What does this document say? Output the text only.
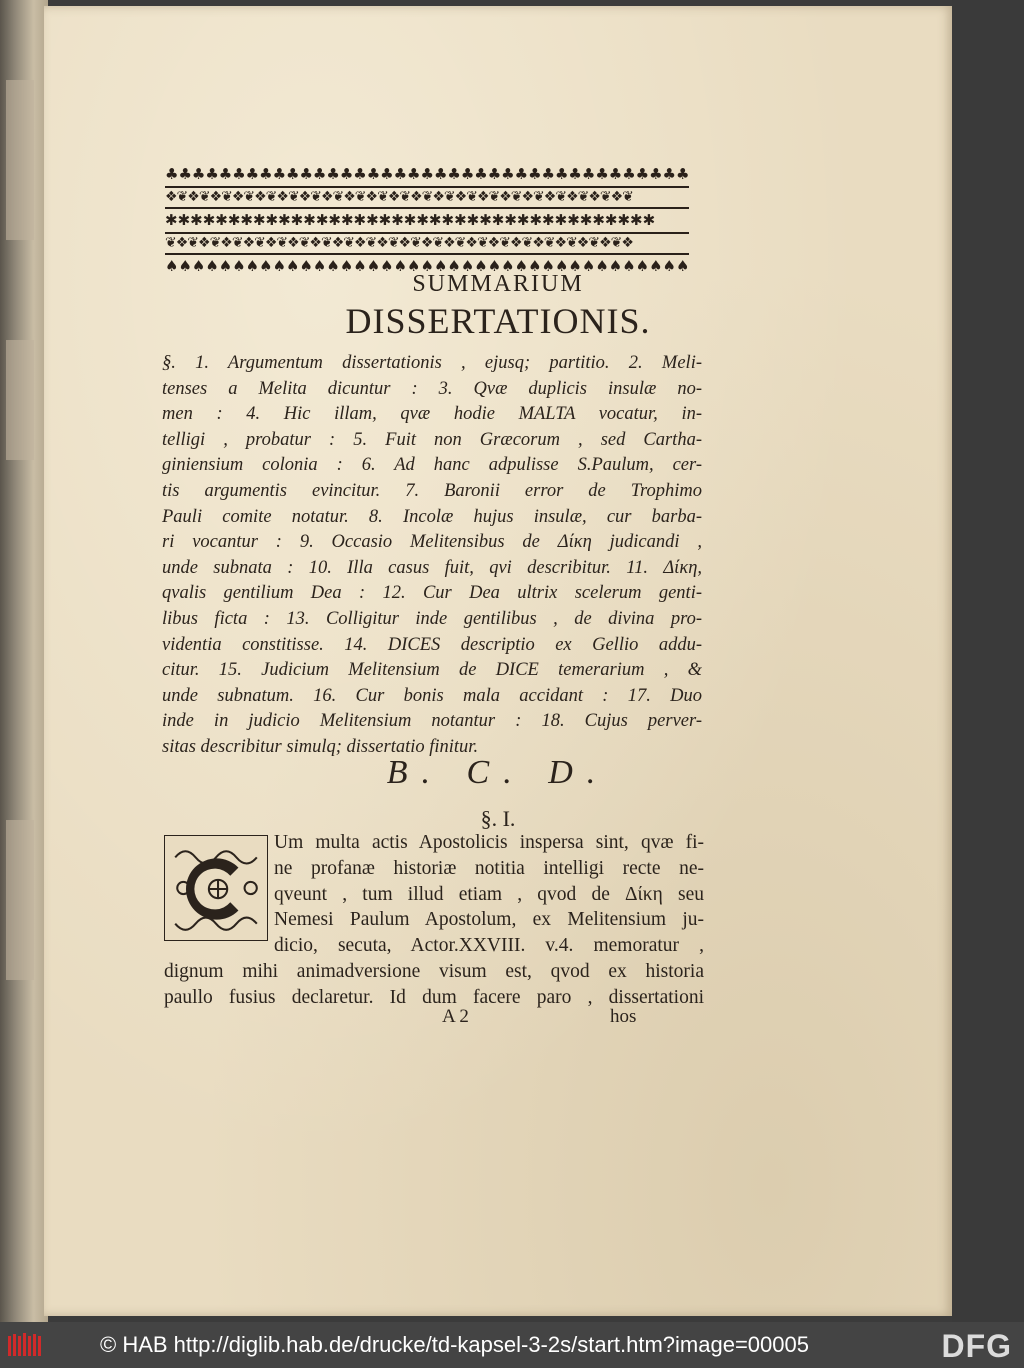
♣♣♣♣♣♣♣♣♣♣♣♣♣♣♣♣♣♣♣♣♣♣♣♣♣♣♣♣♣♣♣♣♣♣♣♣♣♣♣
❖❦❖❦❖❦❖❦❖❦❖❦❖❦❖❦❖❦❖❦❖❦❖❦❖❦❖❦❖❦❖❦❖❦❖❦❖❦❖❦❖❦
✱✱✱✱✱✱✱✱✱✱✱✱✱✱✱✱✱✱✱✱✱✱✱✱✱✱✱✱✱✱✱✱✱✱✱✱✱✱✱
❦❖❦❖❦❖❦❖❦❖❦❖❦❖❦❖❦❖❦❖❦❖❦❖❦❖❦❖❦❖❦❖❦❖❦❖❦❖❦❖❦❖
♠♠♠♠♠♠♠♠♠♠♠♠♠♠♠♠♠♠♠♠♠♠♠♠♠♠♠♠♠♠♠♠♠♠♠♠♠♠♠
SUMMARIUM
DISSERTATIONIS.
§. 1. Argumentum dissertationis , ejusq; partitio. 2. Meli-
tenses a Melita dicuntur : 3. Qvæ duplicis insulæ no-
men : 4. Hic illam, qvæ hodie MALTA vocatur, in-
telligi , probatur : 5. Fuit non Græcorum , sed Cartha-
giniensium colonia : 6. Ad hanc adpulisse S.Paulum, cer-
tis argumentis evincitur. 7. Baronii error de Trophimo
Pauli comite notatur. 8. Incolæ hujus insulæ, cur barba-
ri vocantur : 9. Occasio Melitensibus de Δίκη judicandi ,
unde subnata : 10. Illa casus fuit, qvi describitur. 11. Δίκη,
qvalis gentilium Dea : 12. Cur Dea ultrix scelerum genti-
libus ficta : 13. Colligitur inde gentilibus , de divina pro-
videntia constitisse. 14. DICES descriptio ex Gellio addu-
citur. 15. Judicium Melitensium de DICE temerarium , &
unde subnatum. 16. Cur bonis mala accidant : 17. Duo
inde in judicio Melitensium notantur : 18. Cujus perver-
sitas describitur simulq; dissertatio finitur.
B. C. D.
§. I.
Um multa actis Apostolicis inspersa sint, qvæ fi-
ne profanæ historiæ notitia intelligi recte ne-
qveunt , tum illud etiam , qvod de Δίκη seu
Nemesi Paulum Apostolum, ex Melitensium ju-
dicio, secuta, Actor.XXVIII. v.4. memoratur ,
dignum mihi animadversione visum est, qvod ex historia
paullo fusius declaretur. Id dum facere paro , dissertationi
A 2	hos
© HAB http://diglib.hab.de/drucke/td-kapsel-3-2s/start.htm?image=00005	DFG
